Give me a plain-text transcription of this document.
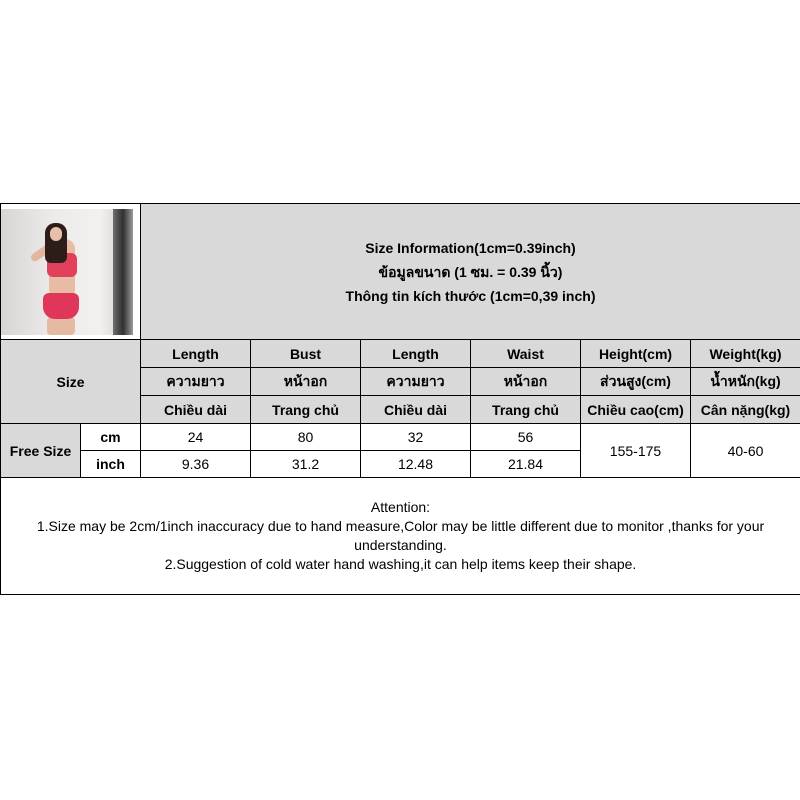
		Size Information(1cm=0.39inch)
ข้อมูลขนาด (1 ซม. = 0.39 นิ้ว)
Thông tin kích thước (1cm=0,39 inch)					

Size		Length	Bust	Length	Waist	Height(cm)	Weight(kg)
		ความยาว	หน้าอก	ความยาว	หน้าอก	ส่วนสูง(cm)	น้ำหนัก(kg)
		Chiều dài	Trang chủ	Chiều dài	Trang chủ	Chiều cao(cm)	Cân nặng(kg)
Free Size	cm	24	80	32	56	155-175	40-60
	inch	9.36	31.2	12.48	21.84		

Attention:
1.Size may be 2cm/1inch inaccuracy due to hand measure,Color may be little different due to monitor ,thanks for your understanding.
2.Suggestion of cold water hand washing,it can help items keep their shape.							
